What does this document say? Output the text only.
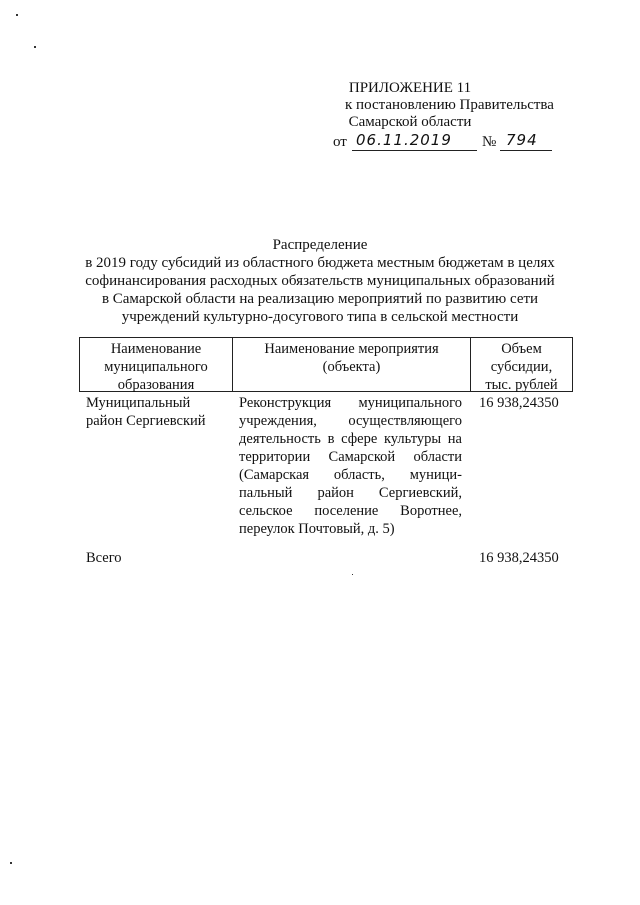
ПРИЛОЖЕНИЕ 11
к постановлению Правительства
Самарской области
от 06.11.2019 № 794
Распределение
в 2019 году субсидий из областного бюджета местным бюджетам в целях
софинансирования расходных обязательств муниципальных образований
в Самарской области на реализацию мероприятий по развитию сети
учреждений культурно-досугового типа в сельской местности
Наименование
муниципального
образования
Наименование мероприятия
(объекта)
Объем
субсидии,
тыс. рублей
Муниципальный
район Сергиевский
Реконструкция муниципального
учреждения, осуществляющего
деятельность в сфере культуры на
территории Самарской области
(Самарская область, муници-
пальный район Сергиевский,
сельское поселение Воротнее,
переулок Почтовый, д. 5)
16 938,24350
Всего	16 938,24350
